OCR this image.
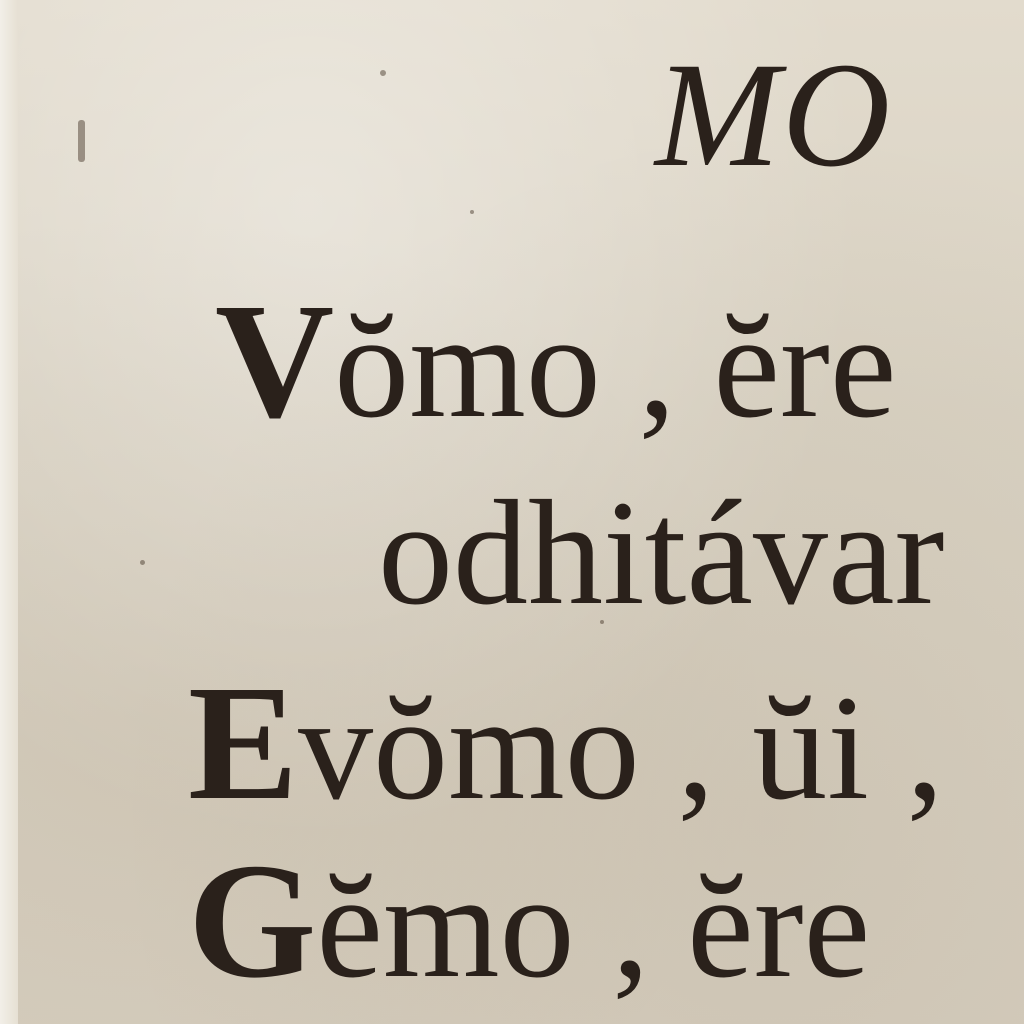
MO
Vŏmo , ĕre
odhitávar
Evŏmo , ŭi ,
Gĕmo , ĕre
